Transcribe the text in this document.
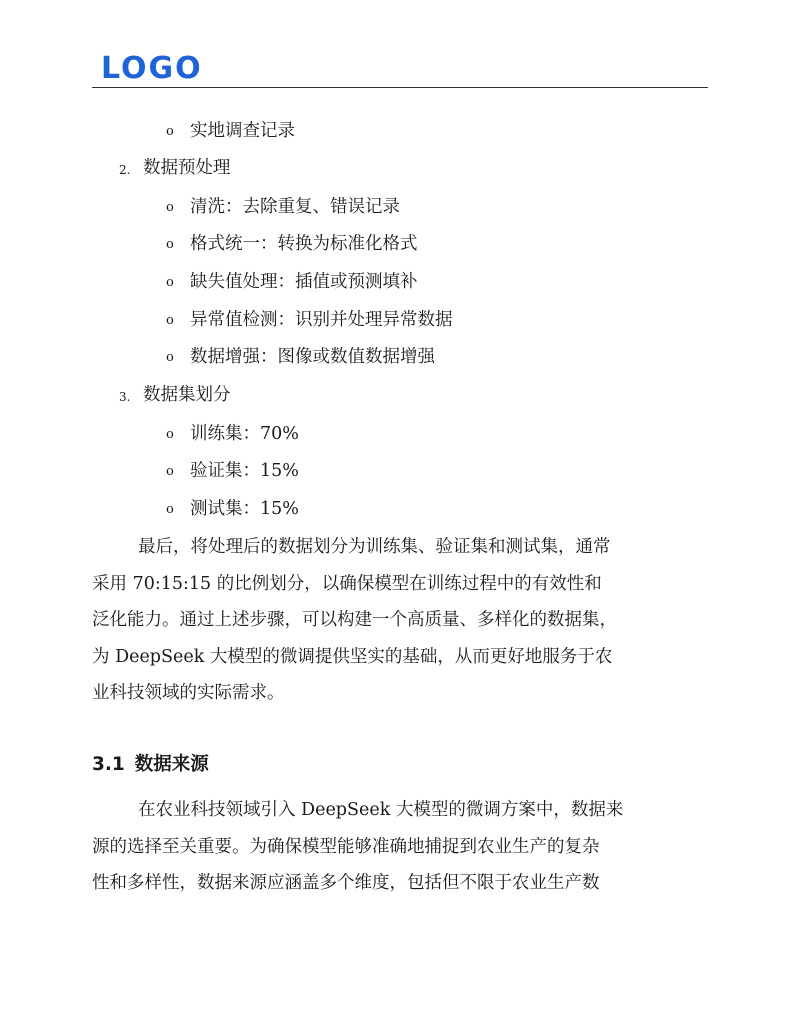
LOGO
o 实地调查记录
2. 数据预处理
o 清洗：去除重复、错误记录
o 格式统一：转换为标准化格式
o 缺失值处理：插值或预测填补
o 异常值检测：识别并处理异常数据
o 数据增强：图像或数值数据增强
3. 数据集划分
o 训练集：70%
o 验证集：15%
o 测试集：15%
最后，将处理后的数据划分为训练集、验证集和测试集，通常
采用 70:15:15 的比例划分，以确保模型在训练过程中的有效性和
泛化能力。通过上述步骤，可以构建一个高质量、多样化的数据集，
为 DeepSeek 大模型的微调提供坚实的基础，从而更好地服务于农
业科技领域的实际需求。
3.1 数据来源
在农业科技领域引入 DeepSeek 大模型的微调方案中，数据来
源的选择至关重要。为确保模型能够准确地捕捉到农业生产的复杂
性和多样性，数据来源应涵盖多个维度，包括但不限于农业生产数
